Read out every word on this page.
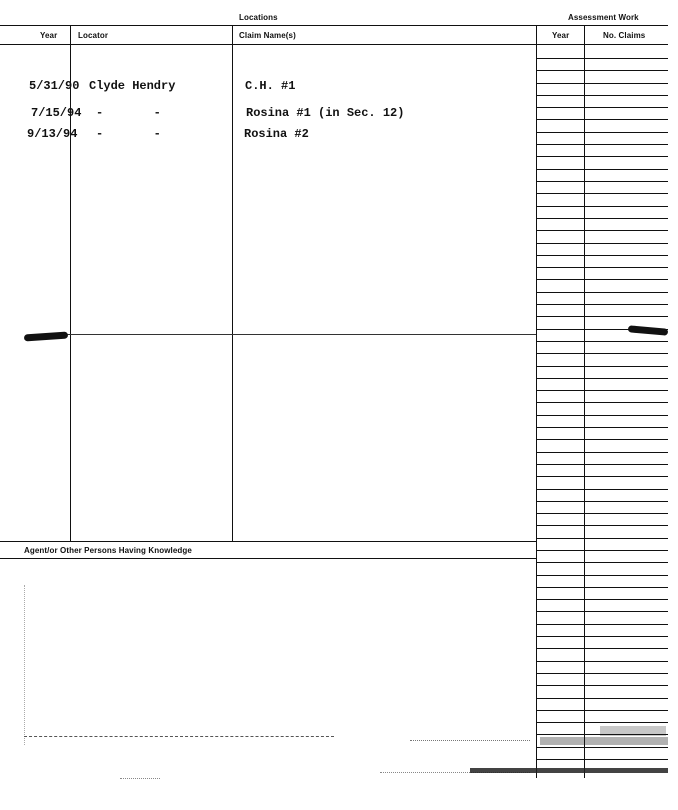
Locations	Assessment Work
Year	Locator	Claim Name(s)	Year	No. Claims
5/31/90 Clyde Hendry	C.H. #1
7/15/94 -       -	Rosina #1 (in Sec. 12)
9/13/94 -       -	Rosina #2
Agent/or Other Persons Having Knowledge
